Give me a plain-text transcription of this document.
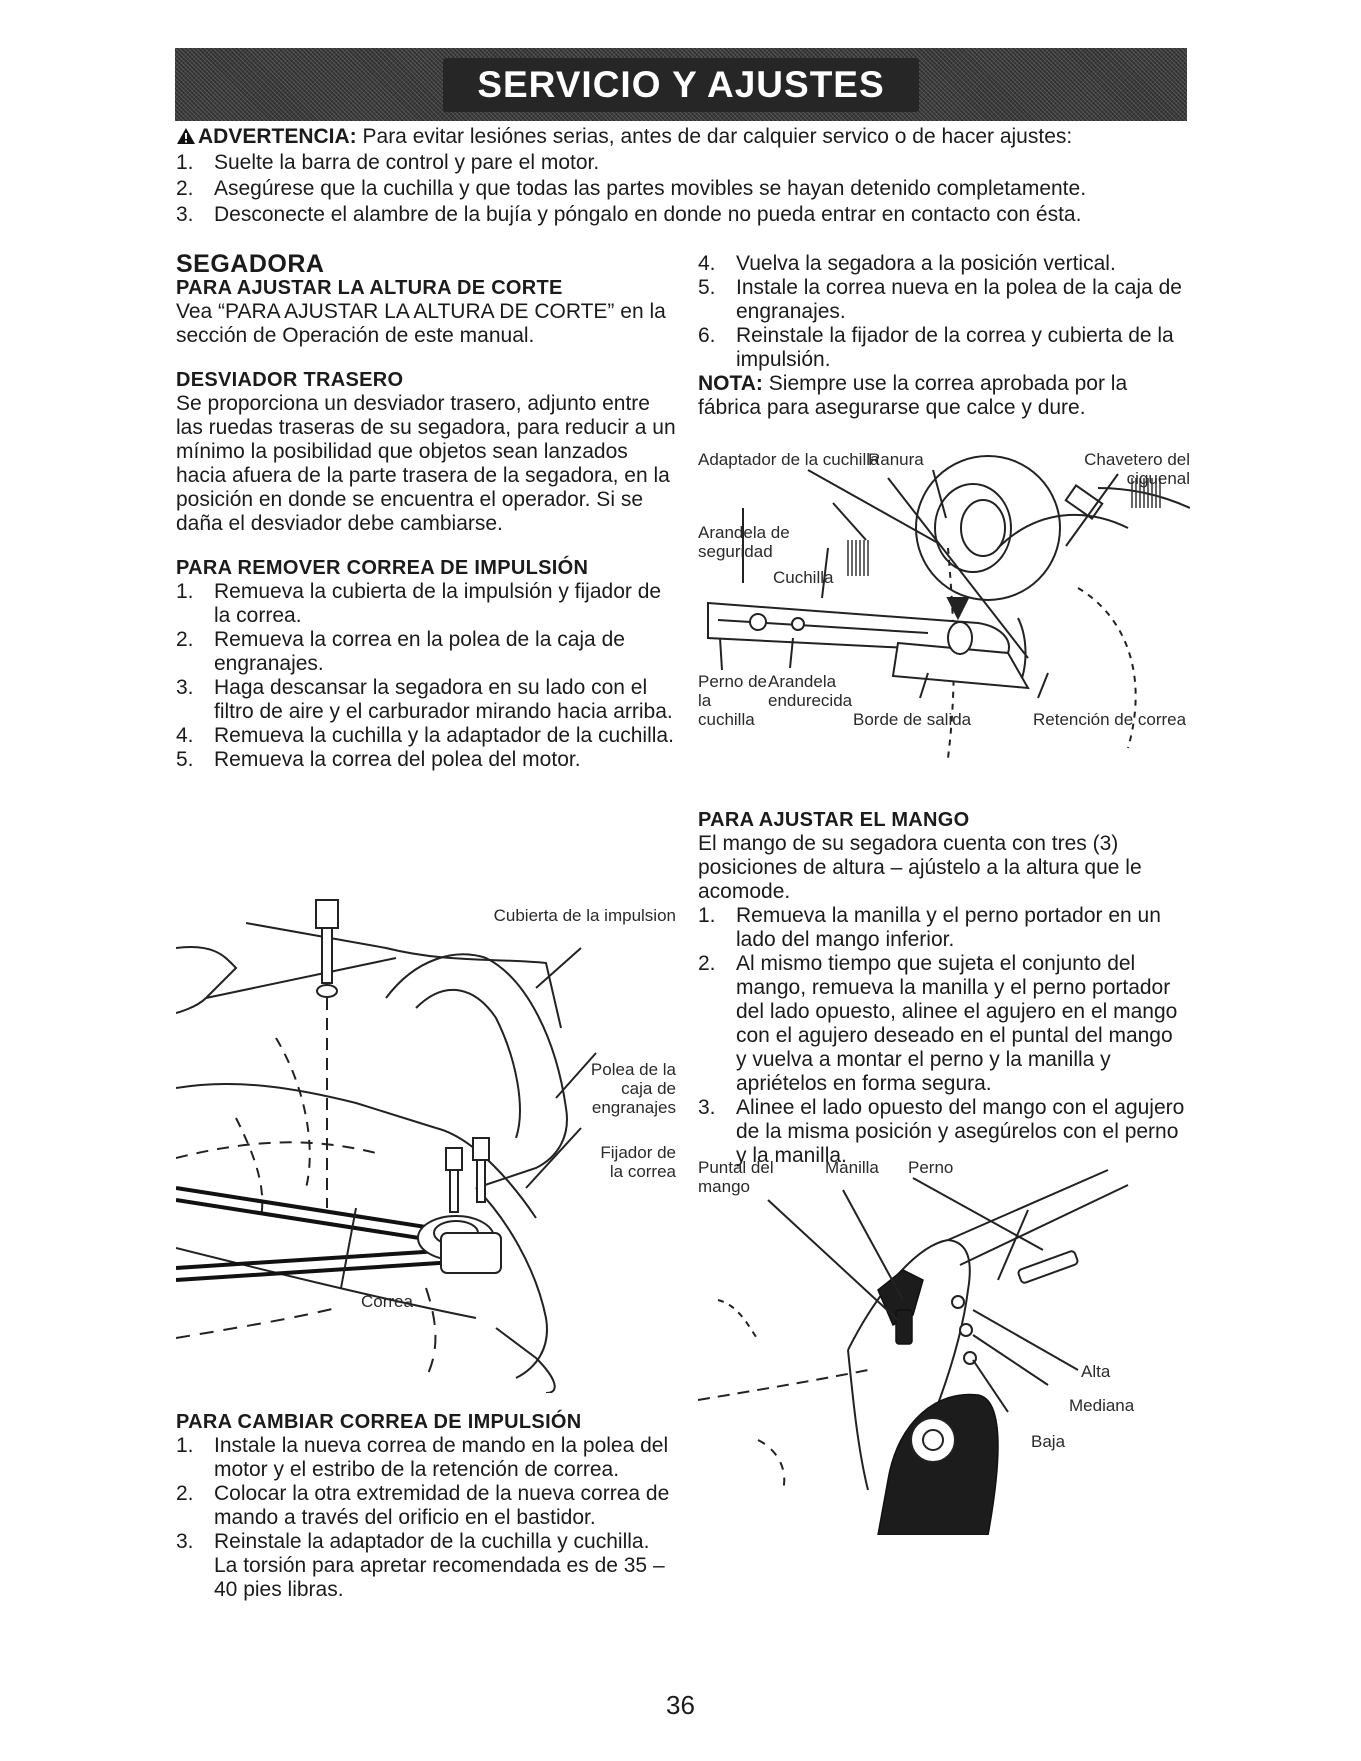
SERVICIO Y AJUSTES
ADVERTENCIA: Para evitar lesiónes serias, antes de dar calquier servico o de hacer ajustes:
1. Suelte la barra de control y pare el motor.
2. Asegúrese que la cuchilla y que todas las partes movibles se hayan detenido completamente.
3. Desconecte el alambre de la bujía y póngalo en donde no pueda entrar en contacto con ésta.
SEGADORA
PARA AJUSTAR LA ALTURA DE CORTE

Vea “PARA AJUSTAR LA ALTURA DE CORTE” en la sección de Operación de este manual.

DESVIADOR TRASERO

Se proporciona un desviador trasero, adjunto entre las ruedas traseras de su segadora, para reducir a un mínimo la posibilidad que objetos sean lanzados hacia afuera de la parte trasera de la segadora, en la posición en donde se encuentra el operador. Si se daña el desviador debe cambiarse.

PARA REMOVER CORREA DE IMPULSIÓN
1. Remueva la cubierta de la impulsión y fijador de la correa.
2. Remueva la correa en la polea de la caja de engranajes.
3. Haga descansar la segadora en su lado con el filtro de aire y el carburador mirando hacia arriba.
4. Remueva la cuchilla y la adaptador de la cuchilla.
5. Remueva la correa del polea del motor.
Cubierta de la impulsion
Polea de la caja de engranajes
Fijador de la correa
Correa
PARA CAMBIAR CORREA DE IMPULSIÓN
1. Instale la nueva correa de mando en la polea del motor y el estribo de la retención de correa.
2. Colocar la otra extremidad de la nueva correa de mando a través del orificio en el bastidor.
3. Reinstale la adaptador de la cuchilla y cuchilla. La torsión para apretar recomendada es de 35 – 40 pies libras.
4. Vuelva la segadora a la posición vertical.
5. Instale la correa nueva en la polea de la caja de engranajes.
6. Reinstale la fijador de la correa y cubierta de la impulsión.

NOTA: Siempre use la correa aprobada por la fábrica para asegurarse que calce y dure.

Adaptador de la cuchilla
Ranura	Chavetero del ciguenal
Arandela de seguridad
Cuchilla
Perno de la cuchilla
Arandela endurecida
Borde de salida	Retención de correa
PARA AJUSTAR EL MANGO

El mango de su segadora cuenta con tres (3) posiciones de altura – ajústelo a la altura que le acomode.

1. Remueva la manilla y el perno portador en un lado del mango inferior.
2. Al mismo tiempo que sujeta el conjunto del mango, remueva la manilla y el perno portador del lado opuesto, alinee el agujero en el mango con el agujero deseado en el puntal del mango y vuelva a montar el perno y la manilla y apriételos en forma segura.
3. Alinee el lado opuesto del mango con el agujero de la misma posición y asegúrelos con el perno y la manilla.
Puntal del mango
Manilla Perno
Alta
Mediana
Baja
36
